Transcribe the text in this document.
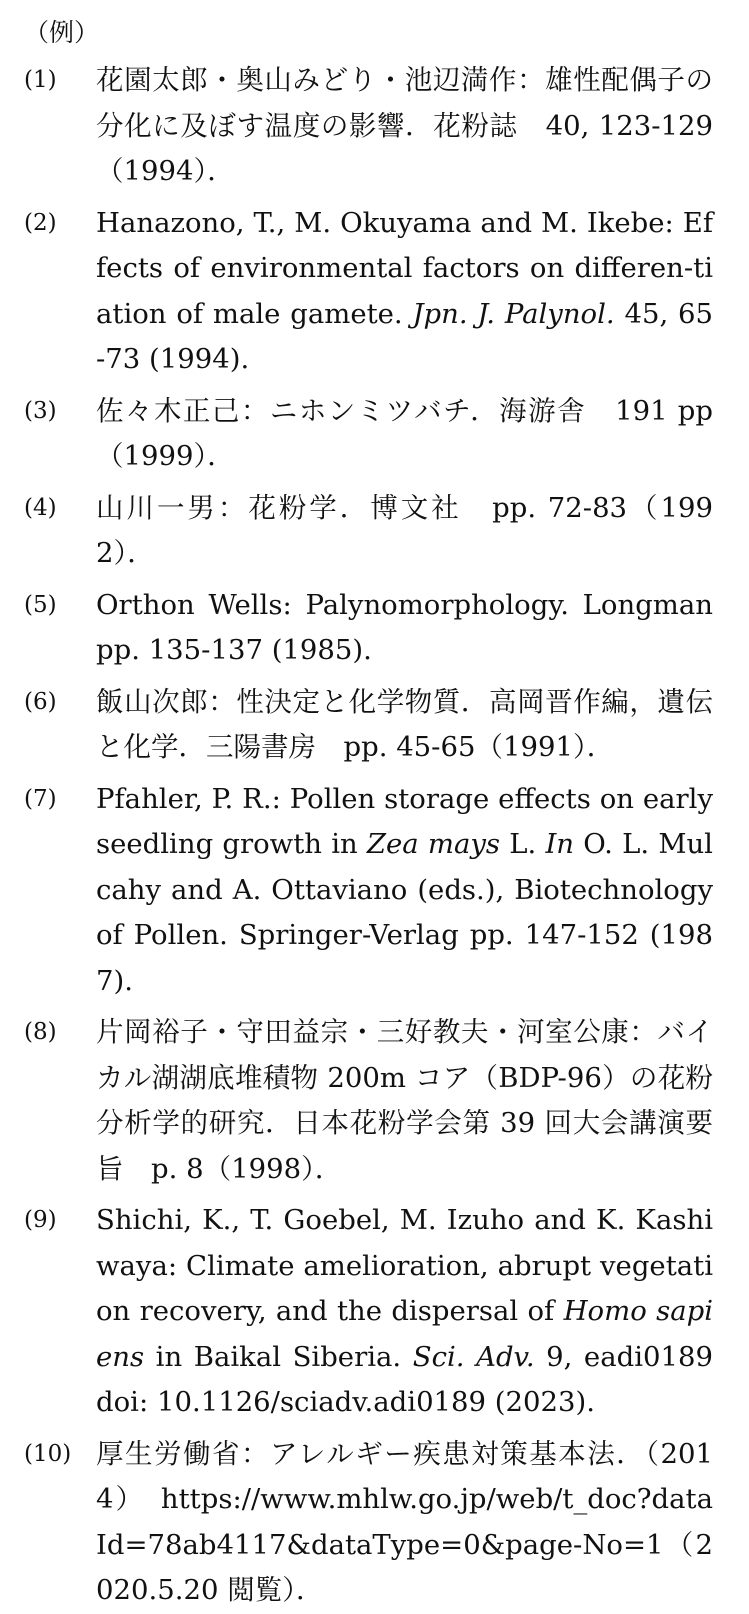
（例）
(1)	花園太郎・奥山みどり・池辺満作：雄性配偶子の分化に及ぼす温度の影響．花粉誌　40, 123-129（1994）．
(2)	Hanazono, T., M. Okuyama and M. Ikebe: Effects of environmental factors on differen-tiation of male gamete. Jpn. J. Palynol. 45, 65-73 (1994).
(3)	佐々木正己：ニホンミツバチ．海游舎　191 pp（1999）．
(4)	山川一男：花粉学．博文社　pp. 72-83（1992）．
(5)	Orthon Wells: Palynomorphology. Longman pp. 135-137 (1985).
(6)	飯山次郎：性決定と化学物質．高岡晋作編，遺伝と化学．三陽書房　pp. 45-65（1991）．
(7)	Pfahler, P. R.: Pollen storage effects on early seedling growth in Zea mays L. In O. L. Mulcahy and A. Ottaviano (eds.), Biotechnology of Pollen. Springer-Verlag pp. 147-152 (1987).
(8)	片岡裕子・守田益宗・三好教夫・河室公康：バイカル湖湖底堆積物 200m コア（BDP-96）の花粉分析学的研究．日本花粉学会第 39 回大会講演要旨　p. 8（1998）．
(9)	Shichi, K., T. Goebel, M. Izuho and K. Kashiwaya: Climate amelioration, abrupt vegetation recovery, and the dispersal of Homo sapiens in Baikal Siberia. Sci. Adv. 9, eadi0189 doi: 10.1126/sciadv.adi0189 (2023).
(10) 厚生労働省：アレルギー疾患対策基本法．（2014）　https://www.mhlw.go.jp/web/t_doc?dataId=78ab4117&dataType=0&page-No=1（2020.5.20 閲覧）．
